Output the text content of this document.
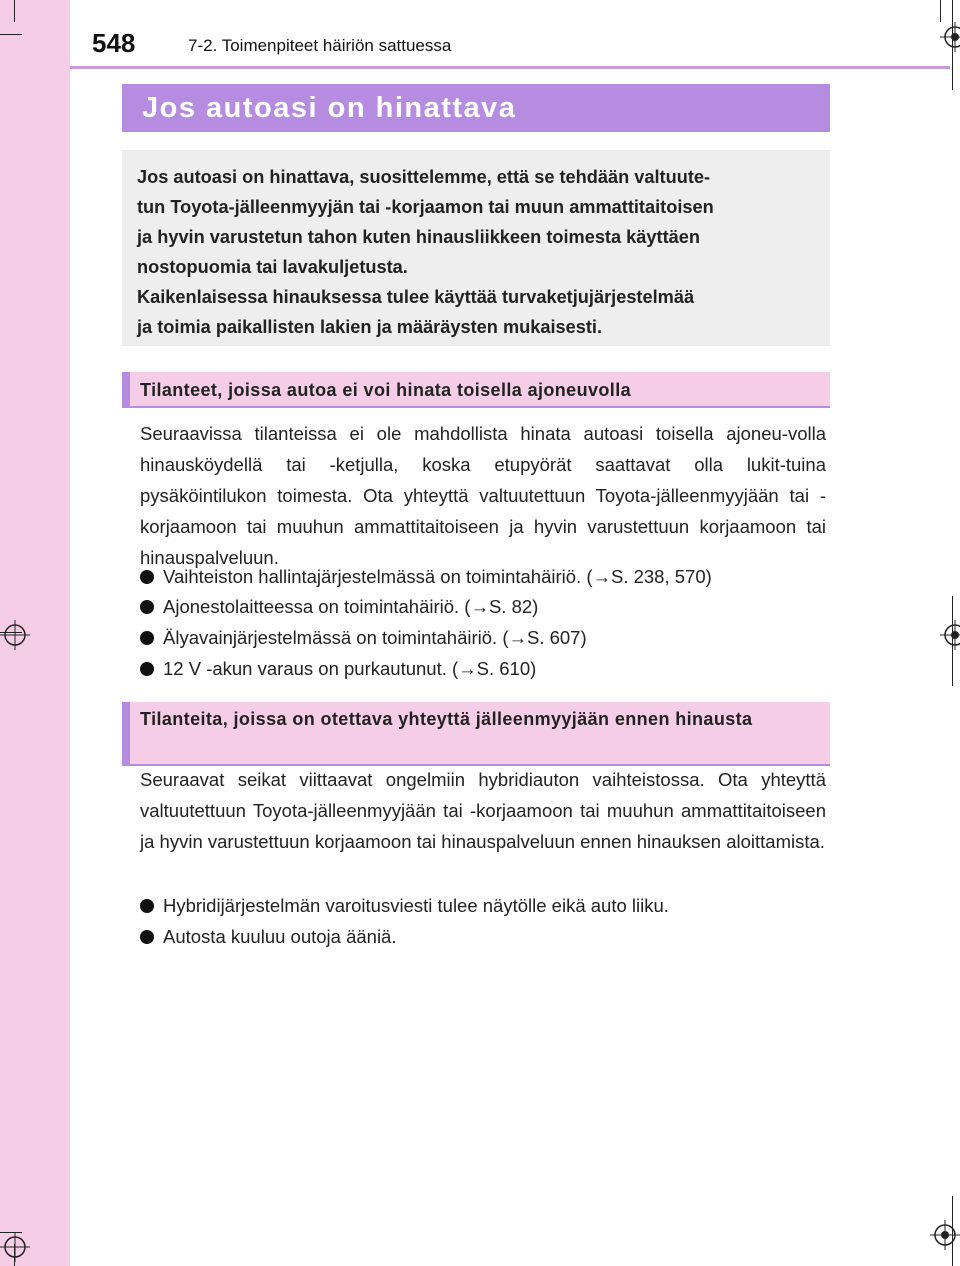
548	7-2. Toimenpiteet häiriön sattuessa
Jos autoasi on hinattava

Jos autoasi on hinattava, suosittelemme, että se tehdään valtuute-

tun Toyota-jälleenmyyjän tai -korjaamon tai muun ammattitaitoisen

ja hyvin varustetun tahon kuten hinausliikkeen toimesta käyttäen

nostopuomia tai lavakuljetusta.

Kaikenlaisessa hinauksessa tulee käyttää turvaketjujärjestelmää

ja toimia paikallisten lakien ja määräysten mukaisesti.

Tilanteet, joissa autoa ei voi hinata toisella ajoneuvolla

Seuraavissa tilanteissa ei ole mahdollista hinata autoasi toisella ajoneu-volla hinausköydellä tai -ketjulla, koska etupyörät saattavat olla lukit-tuina pysäköintilukon toimesta. Ota yhteyttä valtuutettuun Toyota-jälleenmyyjään tai -korjaamoon tai muuhun ammattitaitoiseen ja hyvin varustettuun korjaamoon tai hinauspalveluun.

Vaihteiston hallintajärjestelmässä on toimintahäiriö. (→S. 238, 570)
Ajonestolaitteessa on toimintahäiriö. (→S. 82)
Älyavainjärjestelmässä on toimintahäiriö. (→S. 607)
12 V -akun varaus on purkautunut. (→S. 610)
Tilanteita, joissa on otettava yhteyttä jälleenmyyjään ennen hinausta

Seuraavat seikat viittaavat ongelmiin hybridiauton vaihteistossa. Ota yhteyttä valtuutettuun Toyota-jälleenmyyjään tai -korjaamoon tai muuhun ammattitaitoiseen ja hyvin varustettuun korjaamoon tai hinauspalveluun ennen hinauksen aloittamista.

Hybridijärjestelmän varoitusviesti tulee näytölle eikä auto liiku.
Autosta kuuluu outoja ääniä.
